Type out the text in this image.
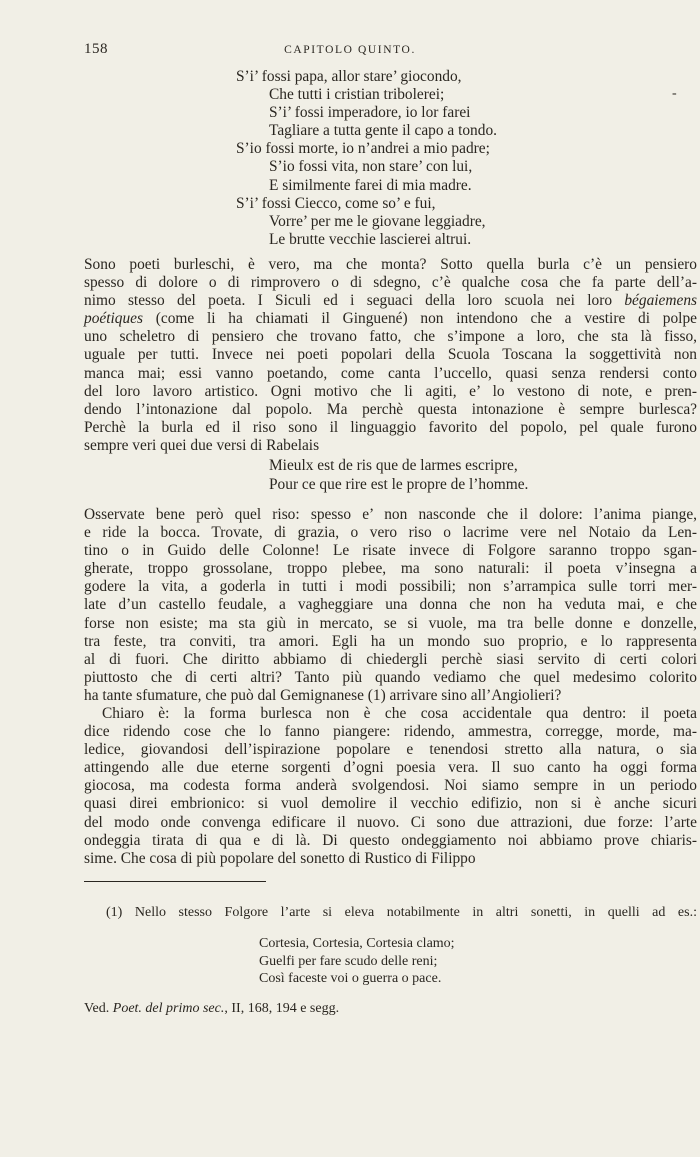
158	CAPITOLO QUINTO.
-
S’i’ fossi papa, allor stare’ giocondo,
Che tutti i cristian tribolerei;
S’i’ fossi imperadore, io lor farei
Tagliare a tutta gente il capo a tondo.
S’io fossi morte, io n’andrei a mio padre;
S’io fossi vita, non stare’ con lui,
E similmente farei di mia madre.
S’i’ fossi Ciecco, come so’ e fui,
Vorre’ per me le giovane leggiadre,
Le brutte vecchie lascierei altrui.
Sono poeti burleschi, è vero, ma che monta? Sotto quella burla c’è un pensiero
spesso di dolore o di rimprovero o di sdegno, c’è qualche cosa che fa parte dell’a-
nimo stesso del poeta. I Siculi ed i seguaci della loro scuola nei loro bégaiemens
poétiques (come li ha chiamati il Ginguené) non intendono che a vestire di polpe
uno scheletro di pensiero che trovano fatto, che s’impone a loro, che sta là fisso,
uguale per tutti. Invece nei poeti popolari della Scuola Toscana la soggettività non
manca mai; essi vanno poetando, come canta l’uccello, quasi senza rendersi conto
del loro lavoro artistico. Ogni motivo che li agiti, e’ lo vestono di note, e pren-
dendo l’intonazione dal popolo. Ma perchè questa intonazione è sempre burlesca?
Perchè la burla ed il riso sono il linguaggio favorito del popolo, pel quale furono
sempre veri quei due versi di Rabelais
Mieulx est de ris que de larmes escripre,
Pour ce que rire est le propre de l’homme.
Osservate bene però quel riso: spesso e’ non nasconde che il dolore: l’anima piange,
e ride la bocca. Trovate, di grazia, o vero riso o lacrime vere nel Notaio da Len-
tino o in Guido delle Colonne! Le risate invece di Folgore saranno troppo sgan-
gherate, troppo grossolane, troppo plebee, ma sono naturali: il poeta v’insegna a
godere la vita, a goderla in tutti i modi possibili; non s’arrampica sulle torri mer-
late d’un castello feudale, a vagheggiare una donna che non ha veduta mai, e che
forse non esiste; ma sta giù in mercato, se si vuole, ma tra belle donne e donzelle,
tra feste, tra conviti, tra amori. Egli ha un mondo suo proprio, e lo rappresenta
al di fuori. Che diritto abbiamo di chiedergli perchè siasi servito di certi colori
piuttosto che di certi altri? Tanto più quando vediamo che quel medesimo colorito
ha tante sfumature, che può dal Gemignanese (1) arrivare sino all’Angiolieri?
Chiaro è: la forma burlesca non è che cosa accidentale qua dentro: il poeta
dice ridendo cose che lo fanno piangere: ridendo, ammestra, corregge, morde, ma-
ledice, giovandosi dell’ispirazione popolare e tenendosi stretto alla natura, o sia
attingendo alle due eterne sorgenti d’ogni poesia vera. Il suo canto ha oggi forma
giocosa, ma codesta forma anderà svolgendosi. Noi siamo sempre in un periodo
quasi direi embrionico: si vuol demolire il vecchio edifizio, non si è anche sicuri
del modo onde convenga edificare il nuovo. Ci sono due attrazioni, due forze: l’arte
ondeggia tirata di qua e di là. Di questo ondeggiamento noi abbiamo prove chiaris-
sime. Che cosa di più popolare del sonetto di Rustico di Filippo
(1) Nello stesso Folgore l’arte si eleva notabilmente in altri sonetti, in quelli ad es.:
Cortesia, Cortesia, Cortesia clamo;
Guelfi per fare scudo delle reni;
Così faceste voi o guerra o pace.
Ved. Poet. del primo sec., II, 168, 194 e segg.
